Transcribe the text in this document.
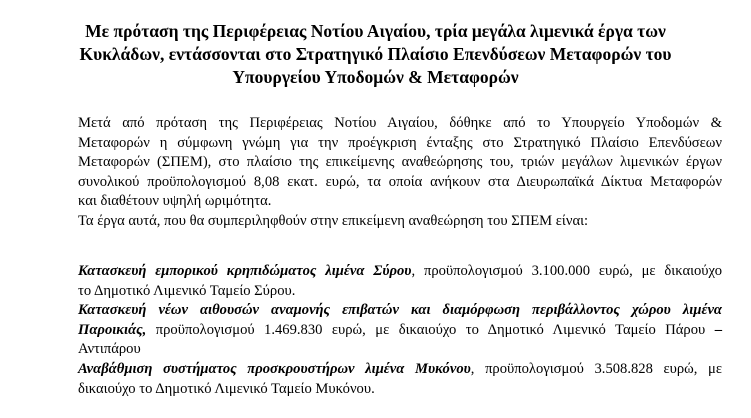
Με πρόταση της Περιφέρειας Νοτίου Αιγαίου, τρία μεγάλα λιμενικά έργα των
Κυκλάδων, εντάσσονται στο Στρατηγικό Πλαίσιο Επενδύσεων Μεταφορών του
Υπουργείου Υποδομών & Μεταφορών
Μετά από πρόταση της Περιφέρειας Νοτίου Αιγαίου, δόθηκε από το Υπουργείο Υποδομών &
Μεταφορών η σύμφωνη γνώμη για την προέγκριση ένταξης στο Στρατηγικό Πλαίσιο Επενδύσεων
Μεταφορών (ΣΠΕΜ), στο πλαίσιο της επικείμενης αναθεώρησης του, τριών μεγάλων λιμενικών έργων
συνολικού προϋπολογισμού 8,08 εκατ. ευρώ, τα οποία ανήκουν στα Διευρωπαϊκά Δίκτυα Μεταφορών
και διαθέτουν υψηλή ωριμότητα.
Τα έργα αυτά, που θα συμπεριληφθούν στην επικείμενη αναθεώρηση του ΣΠΕΜ είναι:
Κατασκευή εμπορικού κρηπιδώματος λιμένα Σύρου, προϋπολογισμού 3.100.000 ευρώ, με δικαιούχο
το Δημοτικό Λιμενικό Ταμείο Σύρου.
Κατασκευή νέων αιθουσών αναμονής επιβατών και διαμόρφωση περιβάλλοντος χώρου λιμένα
Παροικιάς, προϋπολογισμού 1.469.830 ευρώ, με δικαιούχο το Δημοτικό Λιμενικό Ταμείο Πάρου –
Αντιπάρου
Αναβάθμιση συστήματος προσκρουστήρων λιμένα Μυκόνου, προϋπολογισμού 3.508.828 ευρώ, με
δικαιούχο το Δημοτικό Λιμενικό Ταμείο Μυκόνου.
